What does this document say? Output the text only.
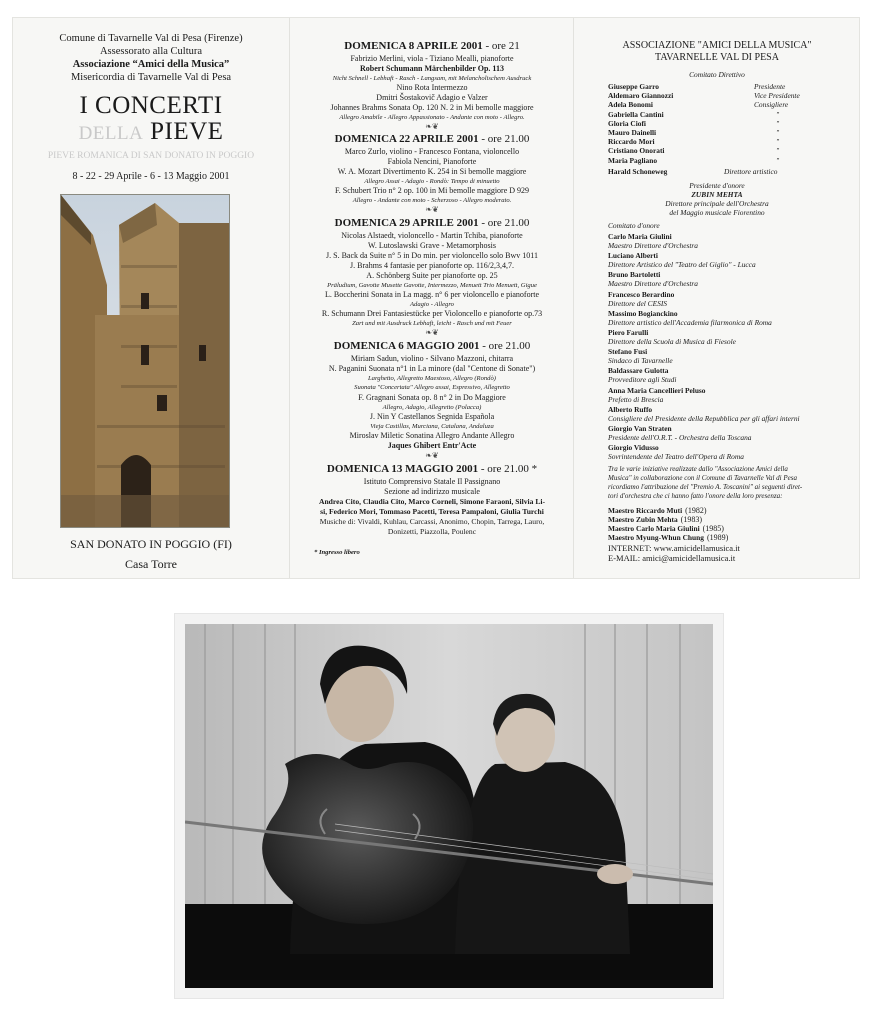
Comune di Tavarnelle Val di Pesa (Firenze)
Assessorato alla Cultura
Associazione “Amici della Musica”
Misericordia di Tavarnelle Val di Pesa
I CONCERTI
DELLA PIEVE
PIEVE ROMANICA DI SAN DONATO IN POGGIO
8 - 22 - 29 Aprile - 6 - 13 Maggio 2001
SAN DONATO IN POGGIO (FI)
Casa Torre
DOMENICA 8 APRILE 2001 - ore 21
Fabrizio Merlini, viola - Tiziano Mealli, pianoforte
Robert Schumann Märchenbilder Op. 113
Nicht Schnell - Lebhaft - Rasch - Langsam, mit Melancholischem Ausdruck
Nino Rota Intermezzo
Dmitri Šostakovič Adagio e Valzer
Johannes Brahms Sonata Op. 120 N. 2 in Mi bemolle maggiore
Allegro Amabile - Allegro Appassionato - Andante con moto - Allegro.
❧❦
DOMENICA 22 APRILE 2001 - ore 21.00
Marco Zurlo, violino - Francesco Fontana, violoncello
Fabiola Nencini, Pianoforte
W. A. Mozart Divertimento K. 254 in Si bemolle maggiore
Allegro Assai - Adagio - Rondò: Tempo di minuetto
F. Schubert Trio n° 2 op. 100 in Mi bemolle maggiore D 929
Allegro - Andante con moto - Scherzoso - Allegro moderato.
❧❦
DOMENICA 29 APRILE 2001 - ore 21.00
Nicolas Alstaedt, violoncello - Martin Tchiba, pianoforte
W. Lutoslawski Grave - Metamorphosis
J. S. Back da Suite n° 5 in Do min. per violoncello solo Bwv 1011
J. Brahms 4 fantasie per pianoforte op. 116/2,3,4,7.
A. Schönberg Suite per pianoforte op. 25
Präludium, Gavotte Musette Gavotte, Intermezzo, Menuett Trio Menuett, Gigue
L. Boccherini Sonata in La magg. n° 6 per violoncello e pianoforte
Adagio - Allegro
R. Schumann Drei Fantasiestücke per Violoncello e pianoforte op.73
Zart und mit Ausdruck Lebhaft, leicht - Rasch und mit Feuer
❧❦
DOMENICA 6 MAGGIO 2001 - ore 21.00
Miriam Sadun, violino - Silvano Mazzoni, chitarra
N. Paganini Suonata n°1 in La minore (dal "Centone di Sonate")
Larghetto, Allegretto Maestoso, Allegro (Rondò)
Suonata "Concertata" Allegro assai, Espressivo, Allegretto
F. Gragnani Sonata op. 8 n° 2 in Do Maggiore
Allegro, Adagio, Allegretto (Polacca)
J. Nin Y Castellanos Segnida Española
Vieja Castillas, Murciana, Catalana, Andaluza
Miroslav Miletic Sonatina Allegro Andante Allegro
Jaques Ghibert Entr'Acte
❧❦
DOMENICA 13 MAGGIO 2001 - ore 21.00 *
Istituto Comprensivo Statale Il Passignano
Sezione ad indirizzo musicale
Andrea Cito, Claudia Cito, Marco Corneli, Simone Faraoni, Silvia Li-
si, Federico Mori, Tommaso Pacetti, Teresa Pampaloni, Giulia Turchi
Musiche di: Vivaldi, Kuhlau, Carcassi, Anonimo, Chopin, Tarrega, Lauro,
Donizetti, Piazzolla, Poulenc
* Ingresso libero
ASSOCIAZIONE "AMICI DELLA MUSICA"
TAVARNELLE VAL DI PESA
Comitato Direttivo
Giuseppe Garro	Presidente
Aldemaro Giannozzi	Vice Presidente
Adela Bonomi	Consigliere
Gabriella Cantini	"
Gloria Ciofi	"
Mauro Dainelli	"
Riccardo Mori	"
Cristiano Onorati	"
Maria Pagliano	"
Harald Schoneweg	Direttore artistico
Presidente d'onore
ZUBIN MEHTA
Direttore principale dell'Orchestra
del Maggio musicale Fiorentino
Comitato d'onore
Carlo Maria Giulini
Maestro Direttore d'Orchestra
Luciano Alberti
Direttore Artistico del "Teatro del Giglio" - Lucca
Bruno Bartoletti
Maestro Direttore d'Orchestra
Francesco Berardino
Direttore del CESIS
Massimo Bogianckino
Direttore artistico dell'Accademia filarmonica di Roma
Piero Farulli
Direttore della Scuola di Musica di Fiesole
Stefano Fusi
Sindaco di Tavarnelle
Baldassare Gulotta
Provveditore agli Studi
Anna Maria Cancellieri Peluso
Prefetto di Brescia
Alberto Ruffo
Consigliere del Presidente della Repubblica per gli affari interni
Giorgio Van Straten
Presidente dell'O.R.T. - Orchestra della Toscana
Giorgio Vidusso
Sovrintendente del Teatro dell'Opera di Roma
Tra le varie iniziative realizzate dallo "Associazione Amici della
Musica" in collaborazione con il Comune di Tavarnelle Val di Pesa
ricordiamo l'attribuzione del "Premio A. Toscanini" ai seguenti diret-
tori d'orchestra che ci hanno fatto l'onore della loro presenza:
Maestro Riccardo Muti (1982)
Maestro Zubin Mehta (1983)
Maestro Carlo Maria Giulini (1985)
Maestro Myung-Whun Chung (1989)
INTERNET: www.amicidellamusica.it
E-MAIL: amici@amicidellamusica.it
